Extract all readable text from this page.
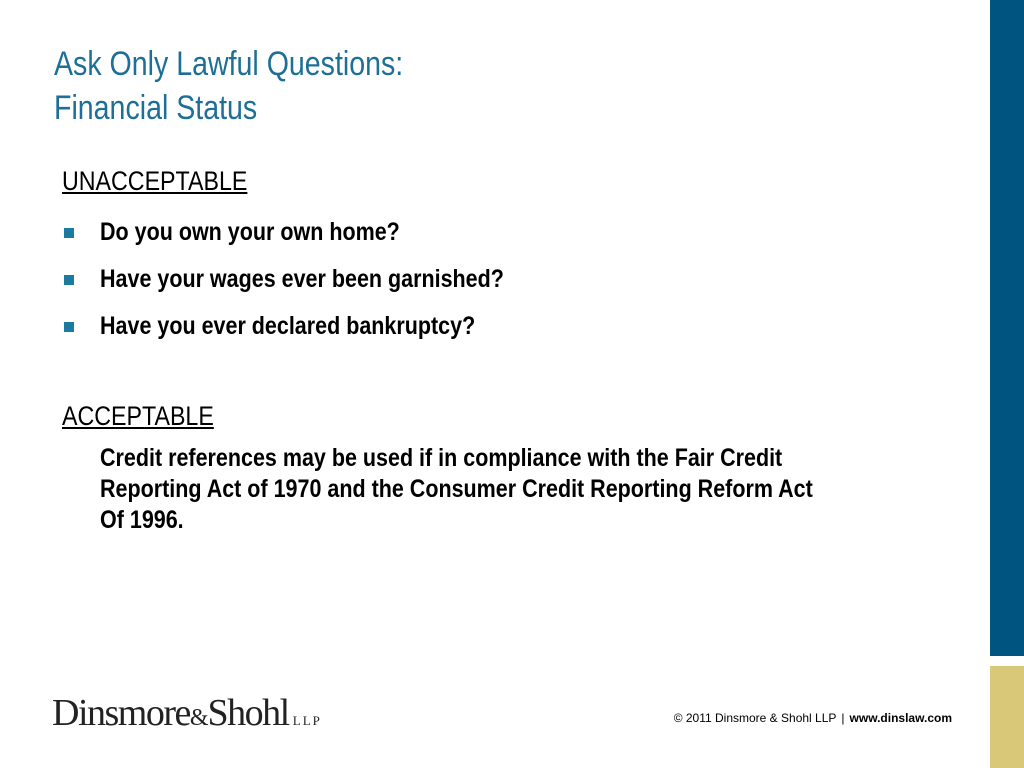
Ask Only Lawful Questions:
Financial Status
UNACCEPTABLE
Do you own your own home?
Have your wages ever been garnished?
Have you ever declared bankruptcy?
ACCEPTABLE
Credit references may be used if in compliance with the Fair Credit
Reporting Act of 1970 and the Consumer Credit Reporting Reform Act
Of 1996.
Dinsmore&Shohl LLP	© 2011 Dinsmore & Shohl LLP | www.dinslaw.com
